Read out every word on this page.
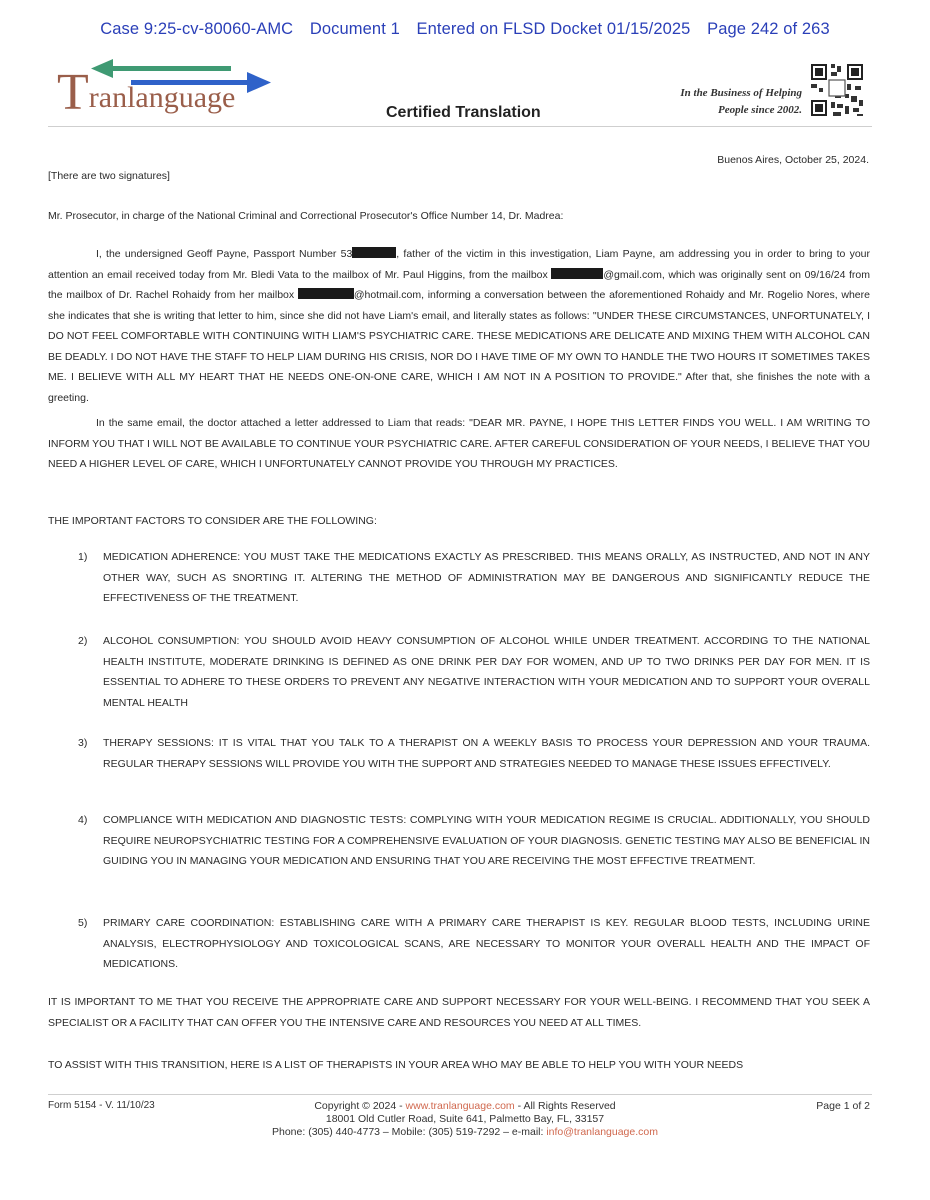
Case 9:25-cv-80060-AMC Document 1 Entered on FLSD Docket 01/15/2025 Page 242 of 263
Tranlanguage	Certified Translation
In the Business of Helping
People since 2002.
Buenos Aires, October 25, 2024.
[There are two signatures]
Mr. Prosecutor, in charge of the National Criminal and Correctional Prosecutor's Office Number 14, Dr. Madrea:

I, the undersigned Geoff Payne, Passport Number 53	, father of the victim in this investigation, Liam Payne, am addressing you in order to bring to your attention an email received today from Mr. Bledi Vata to the mailbox of Mr. Paul Higgins, from the mailbox	@gmail.com, which was originally sent on 09/16/24 from the mailbox of Dr. Rachel Rohaidy from her mailbox	@hotmail.com, informing a conversation between the aforementioned Rohaidy and Mr. Rogelio Nores, where she indicates that she is writing that letter to him, since she did not have Liam's email, and literally states as follows: "UNDER THESE CIRCUMSTANCES, UNFORTUNATELY, I DO NOT FEEL COMFORTABLE WITH CONTINUING WITH LIAM'S PSYCHIATRIC CARE. THESE MEDICATIONS ARE DELICATE AND MIXING THEM WITH ALCOHOL CAN BE DEADLY. I DO NOT HAVE THE STAFF TO HELP LIAM DURING HIS CRISIS, NOR DO I HAVE TIME OF MY OWN TO HANDLE THE TWO HOURS IT SOMETIMES TAKES ME. I BELIEVE WITH ALL MY HEART THAT HE NEEDS ONE-ON-ONE CARE, WHICH I AM NOT IN A POSITION TO PROVIDE." After that, she finishes the note with a greeting.

In the same email, the doctor attached a letter addressed to Liam that reads: "DEAR MR. PAYNE, I HOPE THIS LETTER FINDS YOU WELL. I AM WRITING TO INFORM YOU THAT I WILL NOT BE AVAILABLE TO CONTINUE YOUR PSYCHIATRIC CARE. AFTER CAREFUL CONSIDERATION OF YOUR NEEDS, I BELIEVE THAT YOU NEED A HIGHER LEVEL OF CARE, WHICH I UNFORTUNATELY CANNOT PROVIDE YOU THROUGH MY PRACTICES.

THE IMPORTANT FACTORS TO CONSIDER ARE THE FOLLOWING:
1)	MEDICATION ADHERENCE: YOU MUST TAKE THE MEDICATIONS EXACTLY AS PRESCRIBED. THIS MEANS ORALLY, AS INSTRUCTED, AND NOT IN ANY OTHER WAY, SUCH AS SNORTING IT. ALTERING THE METHOD OF ADMINISTRATION MAY BE DANGEROUS AND SIGNIFICANTLY REDUCE THE EFFECTIVENESS OF THE TREATMENT.
2)	ALCOHOL CONSUMPTION: YOU SHOULD AVOID HEAVY CONSUMPTION OF ALCOHOL WHILE UNDER TREATMENT. ACCORDING TO THE NATIONAL HEALTH INSTITUTE, MODERATE DRINKING IS DEFINED AS ONE DRINK PER DAY FOR WOMEN, AND UP TO TWO DRINKS PER DAY FOR MEN. IT IS ESSENTIAL TO ADHERE TO THESE ORDERS TO PREVENT ANY NEGATIVE INTERACTION WITH YOUR MEDICATION AND TO SUPPORT YOUR OVERALL MENTAL HEALTH
3)	THERAPY SESSIONS: IT IS VITAL THAT YOU TALK TO A THERAPIST ON A WEEKLY BASIS TO PROCESS YOUR DEPRESSION AND YOUR TRAUMA. REGULAR THERAPY SESSIONS WILL PROVIDE YOU WITH THE SUPPORT AND STRATEGIES NEEDED TO MANAGE THESE ISSUES EFFECTIVELY.
4)	COMPLIANCE WITH MEDICATION AND DIAGNOSTIC TESTS: COMPLYING WITH YOUR MEDICATION REGIME IS CRUCIAL. ADDITIONALLY, YOU SHOULD REQUIRE NEUROPSYCHIATRIC TESTING FOR A COMPREHENSIVE EVALUATION OF YOUR DIAGNOSIS. GENETIC TESTING MAY ALSO BE BENEFICIAL IN GUIDING YOU IN MANAGING YOUR MEDICATION AND ENSURING THAT YOU ARE RECEIVING THE MOST EFFECTIVE TREATMENT.
5)	PRIMARY CARE COORDINATION: ESTABLISHING CARE WITH A PRIMARY CARE THERAPIST IS KEY. REGULAR BLOOD TESTS, INCLUDING URINE ANALYSIS, ELECTROPHYSIOLOGY AND TOXICOLOGICAL SCANS, ARE NECESSARY TO MONITOR YOUR OVERALL HEALTH AND THE IMPACT OF MEDICATIONS.
IT IS IMPORTANT TO ME THAT YOU RECEIVE THE APPROPRIATE CARE AND SUPPORT NECESSARY FOR YOUR WELL-BEING. I RECOMMEND THAT YOU SEEK A SPECIALIST OR A FACILITY THAT CAN OFFER YOU THE INTENSIVE CARE AND RESOURCES YOU NEED AT ALL TIMES.
TO ASSIST WITH THIS TRANSITION, HERE IS A LIST OF THERAPISTS IN YOUR AREA WHO MAY BE ABLE TO HELP YOU WITH YOUR NEEDS
Form 5154 - V. 11/10/23	Copyright © 2024 - www.tranlanguage.com - All Rights Reserved
18001 Old Cutler Road, Suite 641, Palmetto Bay, FL, 33157
Phone: (305) 440-4773 – Mobile: (305) 519-7292 – e-mail: info@tranlanguage.com
Page 1 of 2
